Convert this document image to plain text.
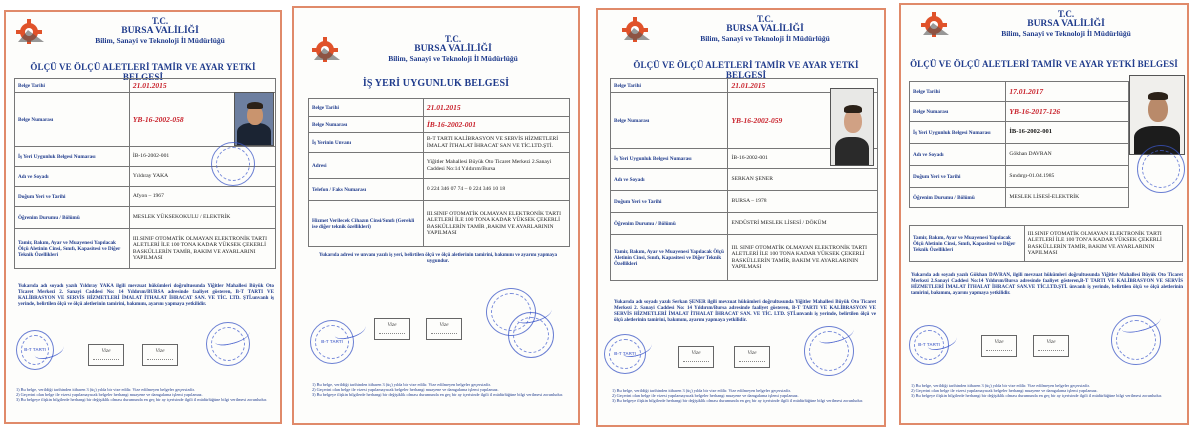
T.C.
BURSA VALİLİĞİ
Bilim, Sanayi ve Teknoloji İl Müdürlüğü
ÖLÇÜ VE ÖLÇÜ ALETLERİ TAMİR VE AYAR YETKİ BELGESİ
Belge Tarihi	21.01.2015
Belge Numarası	YB-16-2002-058
İş Yeri Uygunluk Belgesi Numarası	İB-16-2002-001
Adı ve Soyadı	Yıldıray YAKA
Doğum Yeri ve Tarihi	Afyon – 1967
Öğrenim Durumu / Bölümü	MESLEK YÜKSEKOKULU / ELEKTRİK
Tamir, Bakım, Ayar ve Muayenesi Yapılacak Ölçü Aletinin Cinsi, Sınıfı, Kapasitesi ve Diğer Teknik Özellikleri	III.SINIF OTOMATİK OLMAYAN ELEKTRONİK TARTI ALETLERİ İLE 100 TONA KADAR YÜKSEK ÇEKERLİ BASKÜLLERİN TAMİR, BAKIM VE AYARLARINI YAPILMASI
Yukarıda adı soyadı yazılı Yıldıray YAKA ilgili mevzuat hükümleri doğrultusunda Yiğitler Mahallesi Büyük Oto Ticaret Merkezi 2. Sanayi Caddesi No: 14 Yıldırım/BURSA adresinde faaliyet gösteren, B-T TARTI VE KALİBRASYON VE SERVİS HİZMETLERİ İMALAT İTHALAT İHRACAT SAN. VE TİC. LTD. ŞTİ.unvanlı iş yerinde, belirtilen ölçü ve ölçü aletlerinin tamirini, bakımını, ayarını yapmaya yetkilidir.
B-T TARTI	Vize	Vize
1) Bu belge, verildiği tarihinden itibaren 3 (üç) yılda bir vize edilir. Vize edilmeyen belgeler geçersizdir.
2) Geçerini olan belge ile vizesi yapılamayacak belgeler herhangi muayene ve damgalama işlemi yapılamaz.
3) Bu belgeye ilişkin bilgilerde herhangi bir değişiklik olması durumunda en geç bir ay içerisinde ilgili il müdürlüğüne bilgi verilmesi zorunludur.
T.C.
BURSA VALİLİĞİ
Bilim, Sanayi ve Teknoloji İl Müdürlüğü
İŞ YERİ UYGUNLUK BELGESİ
Belge Tarihi	21.01.2015
Belge Numarası	İB-16-2002-001
İş Yerinin Unvanı	B-T TARTI KALİBRASYON VE SERVİS HİZMETLERİ İMALAT İTHALAT İHRACAT SAN VE TİC.LTD.ŞTİ.
Adresi	Yiğitler Mahallesi Büyük Oto Ticaret Merkezi 2.Sanayi Caddesi No:14 Yıldırım/Bursa
Telefon / Faks Numarası	0 224 346 07 74 – 0 224 346 10 18
Hizmet Verilecek Cihazın Cinsi/Sınıfı (Gerekli ise diğer teknik özellikleri)	III.SINIF OTOMATİK OLMAYAN ELEKTRONİK TARTI ALETLERİ İLE 100 TONA KADAR YÜKSEK ÇEKERLİ BASKÜLLERİN TAMİR ,BAKIM VE AYARLARININ YAPILMASI
Yukarıda adresi ve unvanı yazılı iş yeri, belirtilen ölçü ve ölçü aletlerinin tamirini, bakımını ve ayarını yapmaya uygundur.
B-T TARTI
Vize	Vize
1) Bu belge, verildiği tarihinden itibaren 3 (üç) yılda bir vize edilir. Vize edilmeyen belgeler geçersizdir.
2) Geçerini olan belge ile vizesi yapılamayacak belgeler herhangi muayene ve damgalama işlemi yapılamaz.
3) Bu belgeye ilişkin bilgilerde herhangi bir değişiklik olması durumunda en geç bir ay içerisinde ilgili il müdürlüğüne bilgi verilmesi zorunludur.
T.C.
BURSA VALİLİĞİ
Bilim, Sanayi ve Teknoloji İl Müdürlüğü
ÖLÇÜ VE ÖLÇÜ ALETLERİ TAMİR VE AYAR YETKİ BELGESİ
Belge Tarihi	21.01.2015
Belge Numarası	YB-16-2002-059
İş Yeri Uygunluk Belgesi Numarası	İB-16-2002-001
Adı ve Soyadı	SERKAN ŞENER
Doğum Yeri ve Tarihi	BURSA – 1978
Öğrenim Durumu / Bölümü	ENDÜSTRİ MESLEK LİSESİ / DÖKÜM
Tamir, Bakım, Ayar ve Muayenesi Yapılacak Ölçü Aletinin Cinsi, Sınıfı, Kapasitesi ve Diğer Teknik Özellikleri	III. SINIF OTOMATİK OLMAYAN ELEKTRONİK TARTI ALETLERİ İLE 100 TONA KADAR YÜKSEK ÇEKERLİ BASKÜLLERİN TAMİR, BAKIM VE AYARLARININ YAPILMASI
Yukarıda adı soyadı yazılı Serkan ŞENER ilgili mevzuat hükümleri doğrultusunda Yiğitler Mahallesi Büyük Oto Ticaret Merkezi 2. Sanayi Caddesi No: 14 Yıldırım/Bursa adresinde faaliyet gösteren, B-T TARTI VE KALİBRASYON VE SERVİS HİZMETLERİ İMALAT İTHALAT İHRACAT SAN. VE TİC. LTD. ŞTİ.unvanlı iş yerinde, belirtilen ölçü ve ölçü aletlerinin tamirini, bakımını, ayarını yapmaya yetkilidir.
B-T TARTI	Vize	Vize
1) Bu belge, verildiği tarihinden itibaren 3 (üç) yılda bir vize edilir. Vize edilmeyen belgeler geçersizdir.
2) Geçerini olan belge ile vizesi yapılamayacak belgeler herhangi muayene ve damgalama işlemi yapılamaz.
3) Bu belgeye ilişkin bilgilerde herhangi bir değişiklik olması durumunda en geç bir ay içerisinde ilgili il müdürlüğüne bilgi verilmesi zorunludur.
T.C.
BURSA VALİLİĞİ
Bilim, Sanayi ve Teknoloji İl Müdürlüğü
ÖLÇÜ VE ÖLÇÜ ALETLERİ TAMİR VE AYAR YETKİ BELGESİ
Belge Tarihi	17.01.2017
Belge Numarası	YB-16-2017-126
İş Yeri Uygunluk Belgesi Numarası	İB-16-2002-001
Adı ve Soyadı	Gökhan DAVRAN
Doğum Yeri ve Tarihi	Sındırgı-01.04.1985
Öğrenim Durumu / Bölümü	MESLEK LİSESİ-ELEKTRİK
Tamir, Bakım, Ayar ve Muayenesi Yapılacak Ölçü Aletinin Cinsi, Sınıfı, Kapasitesi ve Diğer Teknik Özellikleri	III.SINIF OTOMATİK OLMAYAN ELEKTRONİK TARTI ALETLERİ İLE 100 TON'A KADAR YÜKSEK ÇEKERLİ BASKÜLLERİN TAMİR, BAKIM VE AYARLARININ YAPILMASI
Yukarıda adı soyadı yazılı Gökhan DAVRAN, ilgili mevzuat hükümleri doğrultusunda Yiğitler Mahallesi Büyük Oto Ticaret Merkezi 2.Sanayi Caddesi No:14 Yıldırım/Bursa adresinde faaliyet gösteren,B-T TARTI VE KALİBRASYON VE SERVİS HİZMETLERİ İMALAT İTHALAT İHRACAT SAN.VE TİC.LTD.ŞTİ. ünvanlı iş yerinde, belirtilen ölçü ve ölçü aletlerinin tamirini, bakımını, ayarını yapmaya yetkilidir.
B-T TARTI	Vize	Vize
1) Bu belge, verildiği tarihinden itibaren 3 (üç) yılda bir vize edilir. Vize edilmeyen belgeler geçersizdir.
2) Geçerini olan belge ile vizesi yapılamayacak belgeler herhangi muayene ve damgalama işlemi yapılamaz.
3) Bu belgeye ilişkin bilgilerde herhangi bir değişiklik olması durumunda en geç bir ay içerisinde ilgili il müdürlüğüne bilgi verilmesi zorunludur.
